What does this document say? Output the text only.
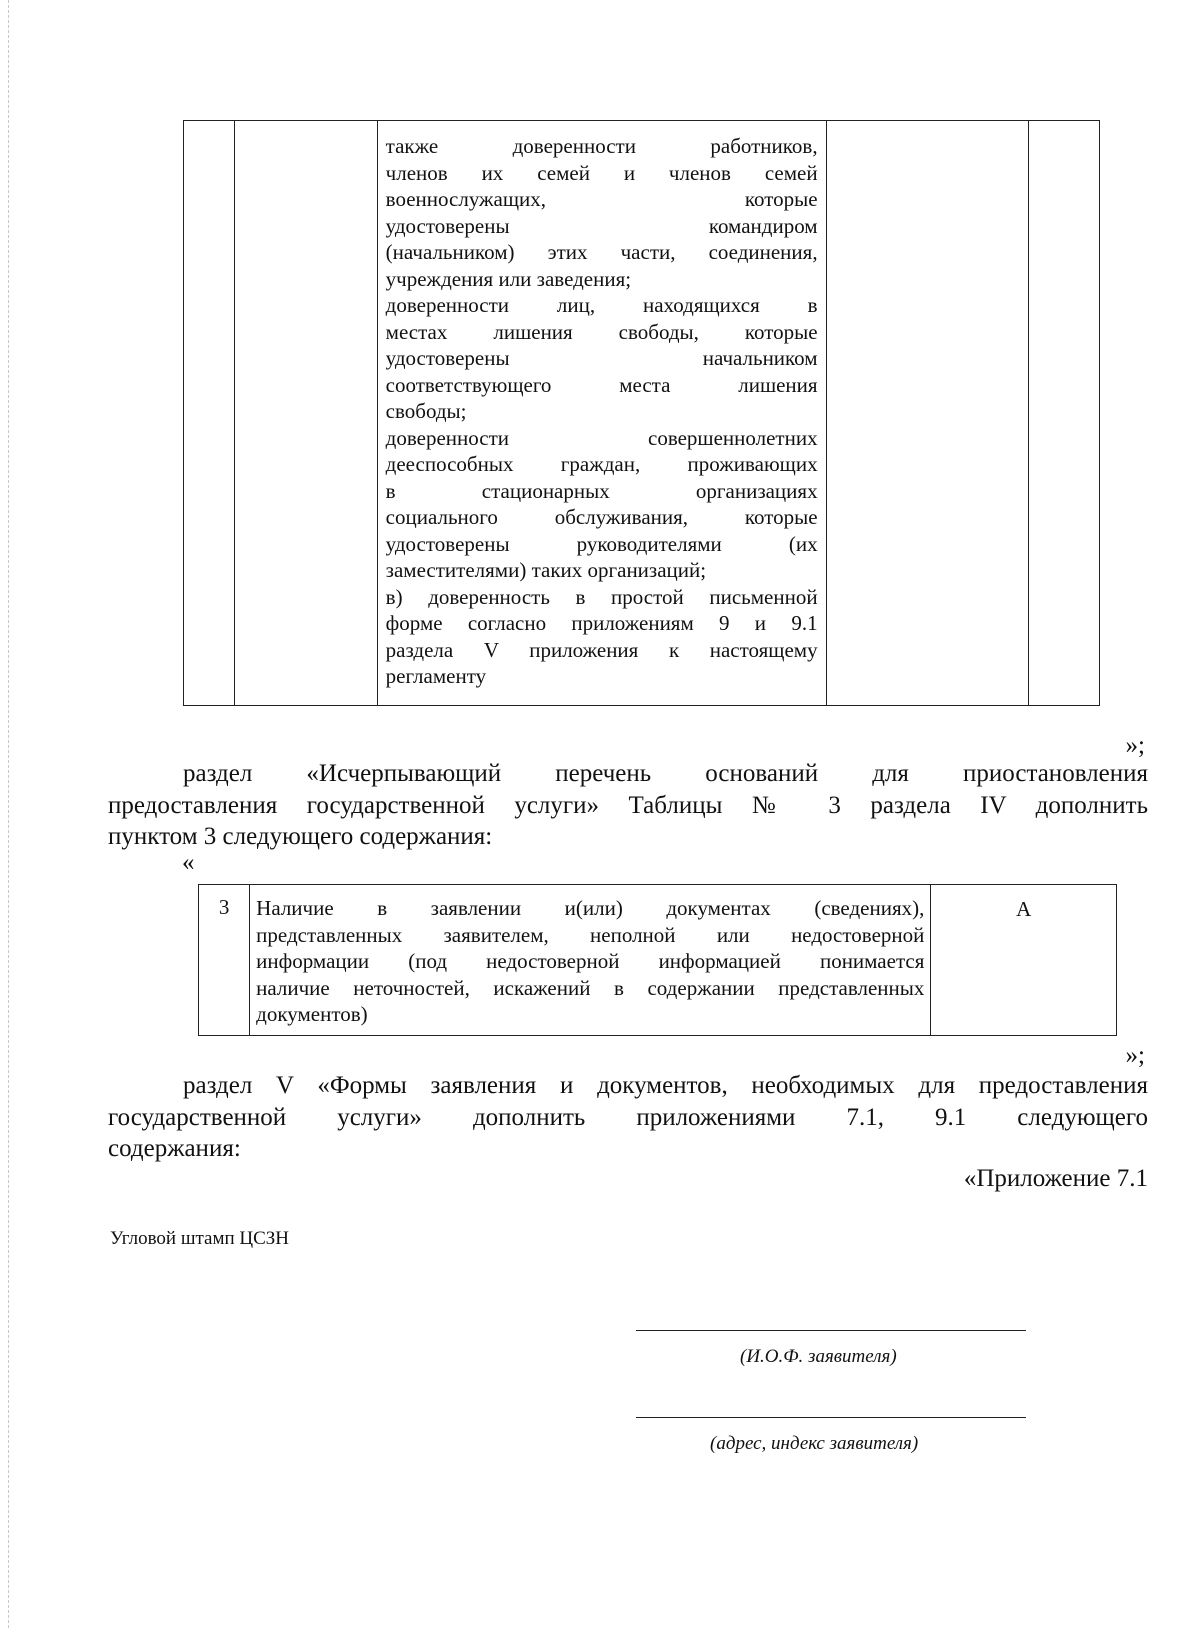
также доверенности работников,
членов их семей и членов семей
военнослужащих, которые
удостоверены командиром
(начальником) этих части, соединения,
учреждения или заведения;
доверенности лиц, находящихся в
местах лишения свободы, которые
удостоверены начальником
соответствующего места лишения
свободы;
доверенности совершеннолетних
дееспособных граждан, проживающих
в стационарных организациях
социального обслуживания, которые
удостоверены руководителями (их
заместителями) таких организаций;
в) доверенность в простой письменной
форме согласно приложениям 9 и 9.1
раздела V приложения к настоящему
регламенту

»;
раздел «Исчерпывающий перечень оснований для приостановления
предоставления государственной услуги» Таблицы № 3 раздела IV дополнить
пунктом 3 следующего содержания:
«
3	Наличие в заявлении и(или) документах (сведениях),
представленных заявителем, неполной или недостоверной
информации (под недостоверной информацией понимается
наличие неточностей, искажений в содержании представленных
документов)
	А
»;
раздел V «Формы заявления и документов, необходимых для предоставления
государственной услуги» дополнить приложениями 7.1, 9.1 следующего
содержания:
«Приложение 7.1
Угловой штамп ЦСЗН
(И.О.Ф. заявителя)
(адрес, индекс заявителя)
